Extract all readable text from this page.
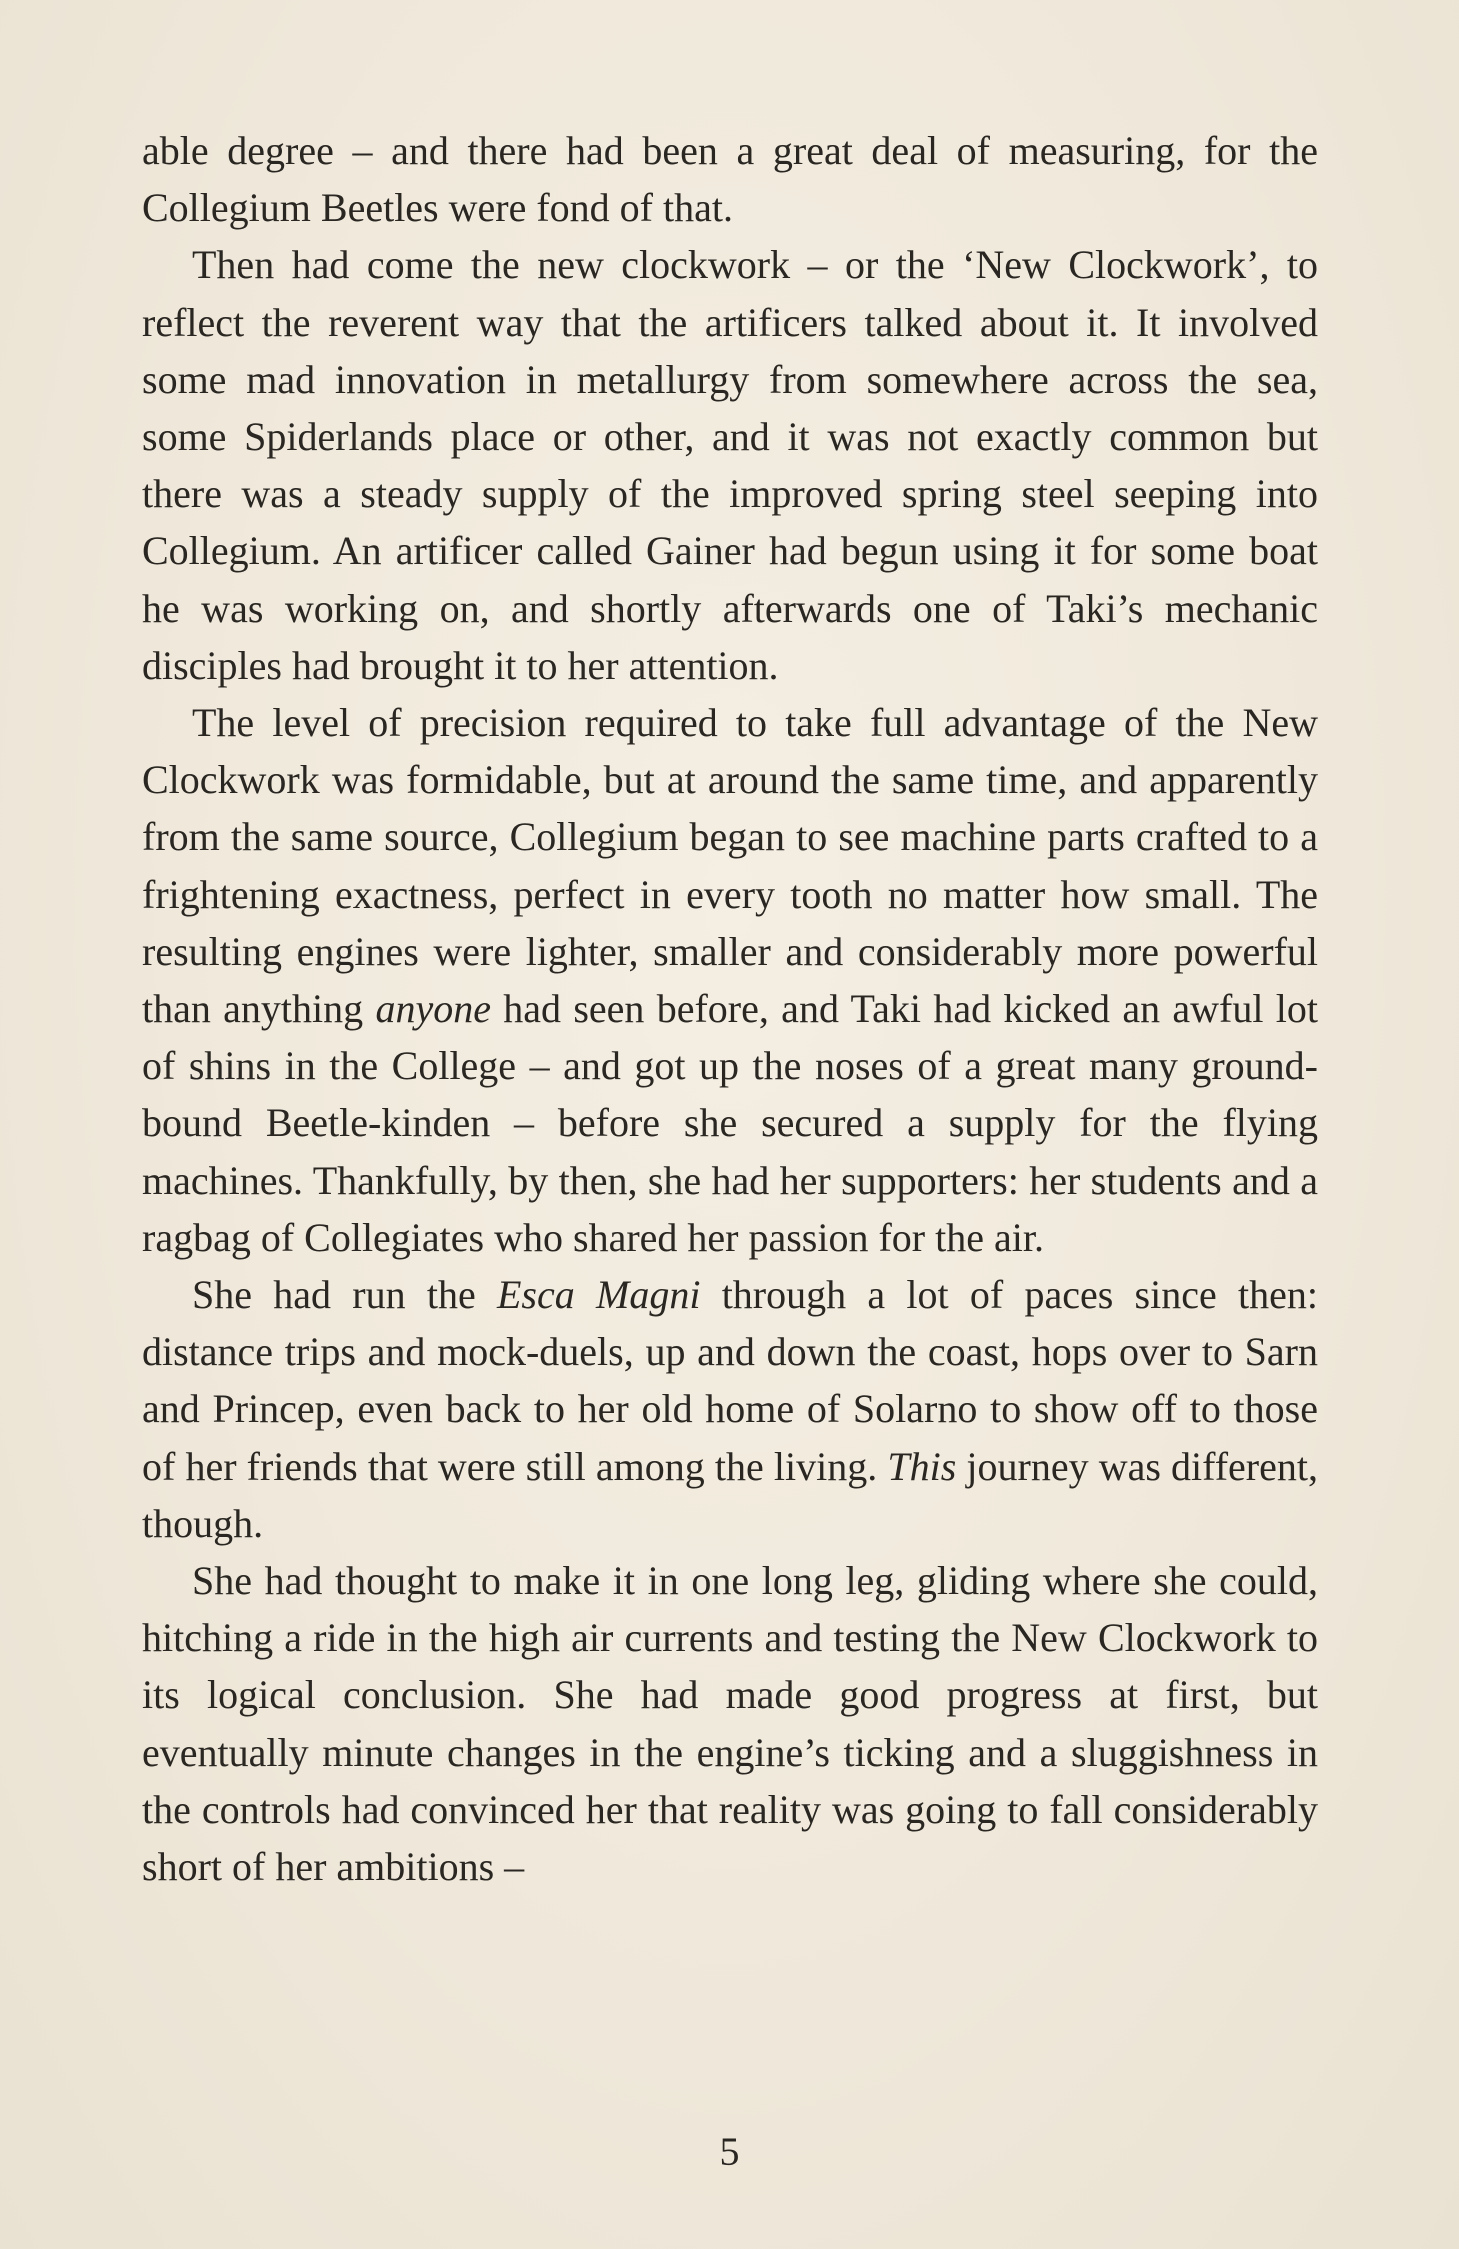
able degree – and there had been a great deal of measuring, for the Collegium Beetles were fond of that.

Then had come the new clockwork – or the ‘New Clockwork’, to reflect the reverent way that the artificers talked about it. It involved some mad innovation in metallurgy from somewhere across the sea, some Spiderlands place or other, and it was not exactly common but there was a steady supply of the improved spring steel seeping into Collegium. An artificer called Gainer had begun using it for some boat he was working on, and shortly afterwards one of Taki’s mechanic disciples had brought it to her attention.

The level of precision required to take full advantage of the New Clockwork was formidable, but at around the same time, and apparently from the same source, Collegium began to see machine parts crafted to a frightening exactness, perfect in every tooth no matter how small. The resulting engines were lighter, smaller and considerably more powerful than anything anyone had seen before, and Taki had kicked an awful lot of shins in the College – and got up the noses of a great many ground-bound Beetle-kinden – before she secured a supply for the flying machines. Thankfully, by then, she had her supporters: her students and a ragbag of Collegiates who shared her passion for the air.

She had run the Esca Magni through a lot of paces since then: distance trips and mock-duels, up and down the coast, hops over to Sarn and Princep, even back to her old home of Solarno to show off to those of her friends that were still among the living. This journey was different, though.

She had thought to make it in one long leg, gliding where she could, hitching a ride in the high air currents and testing the New Clockwork to its logical conclusion. She had made good progress at first, but eventually minute changes in the engine’s ticking and a sluggishness in the controls had convinced her that reality was going to fall considerably short of her ambitions –

5
